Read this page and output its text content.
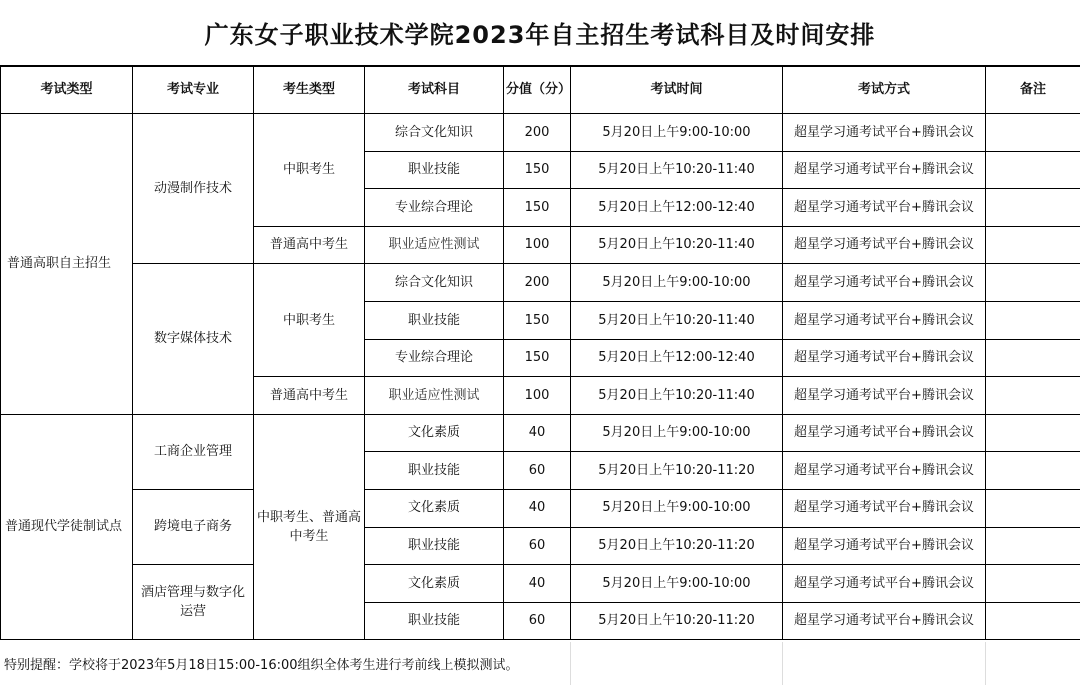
广东女子职业技术学院2023年自主招生考试科目及时间安排
考试类型	考试专业	考生类型	考试科目	分值（分）	考试时间	考试方式	备注
普通高职自主招生	动漫制作技术	中职考生	综合文化知识	200	5月20日上午9:00-10:00	超星学习通考试平台+腾讯会议	
			职业技能	150	5月20日上午10:20-11:40	超星学习通考试平台+腾讯会议	
			专业综合理论	150	5月20日上午12:00-12:40	超星学习通考试平台+腾讯会议	
		普通高中考生	职业适应性测试	100	5月20日上午10:20-11:40	超星学习通考试平台+腾讯会议	
	数字媒体技术	中职考生	综合文化知识	200	5月20日上午9:00-10:00	超星学习通考试平台+腾讯会议	
			职业技能	150	5月20日上午10:20-11:40	超星学习通考试平台+腾讯会议	
			专业综合理论	150	5月20日上午12:00-12:40	超星学习通考试平台+腾讯会议	
		普通高中考生	职业适应性测试	100	5月20日上午10:20-11:40	超星学习通考试平台+腾讯会议	
普通现代学徒制试点	工商企业管理	中职考生、普通高中考生	文化素质	40	5月20日上午9:00-10:00	超星学习通考试平台+腾讯会议	
			职业技能	60	5月20日上午10:20-11:20	超星学习通考试平台+腾讯会议	
	跨境电子商务		文化素质	40	5月20日上午9:00-10:00	超星学习通考试平台+腾讯会议	
			职业技能	60	5月20日上午10:20-11:20	超星学习通考试平台+腾讯会议	
	酒店管理与数字化运营		文化素质	40	5月20日上午9:00-10:00	超星学习通考试平台+腾讯会议	
			职业技能	60	5月20日上午10:20-11:20	超星学习通考试平台+腾讯会议	
特别提醒：学校将于2023年5月18日15:00-16:00组织全体考生进行考前线上模拟测试。
